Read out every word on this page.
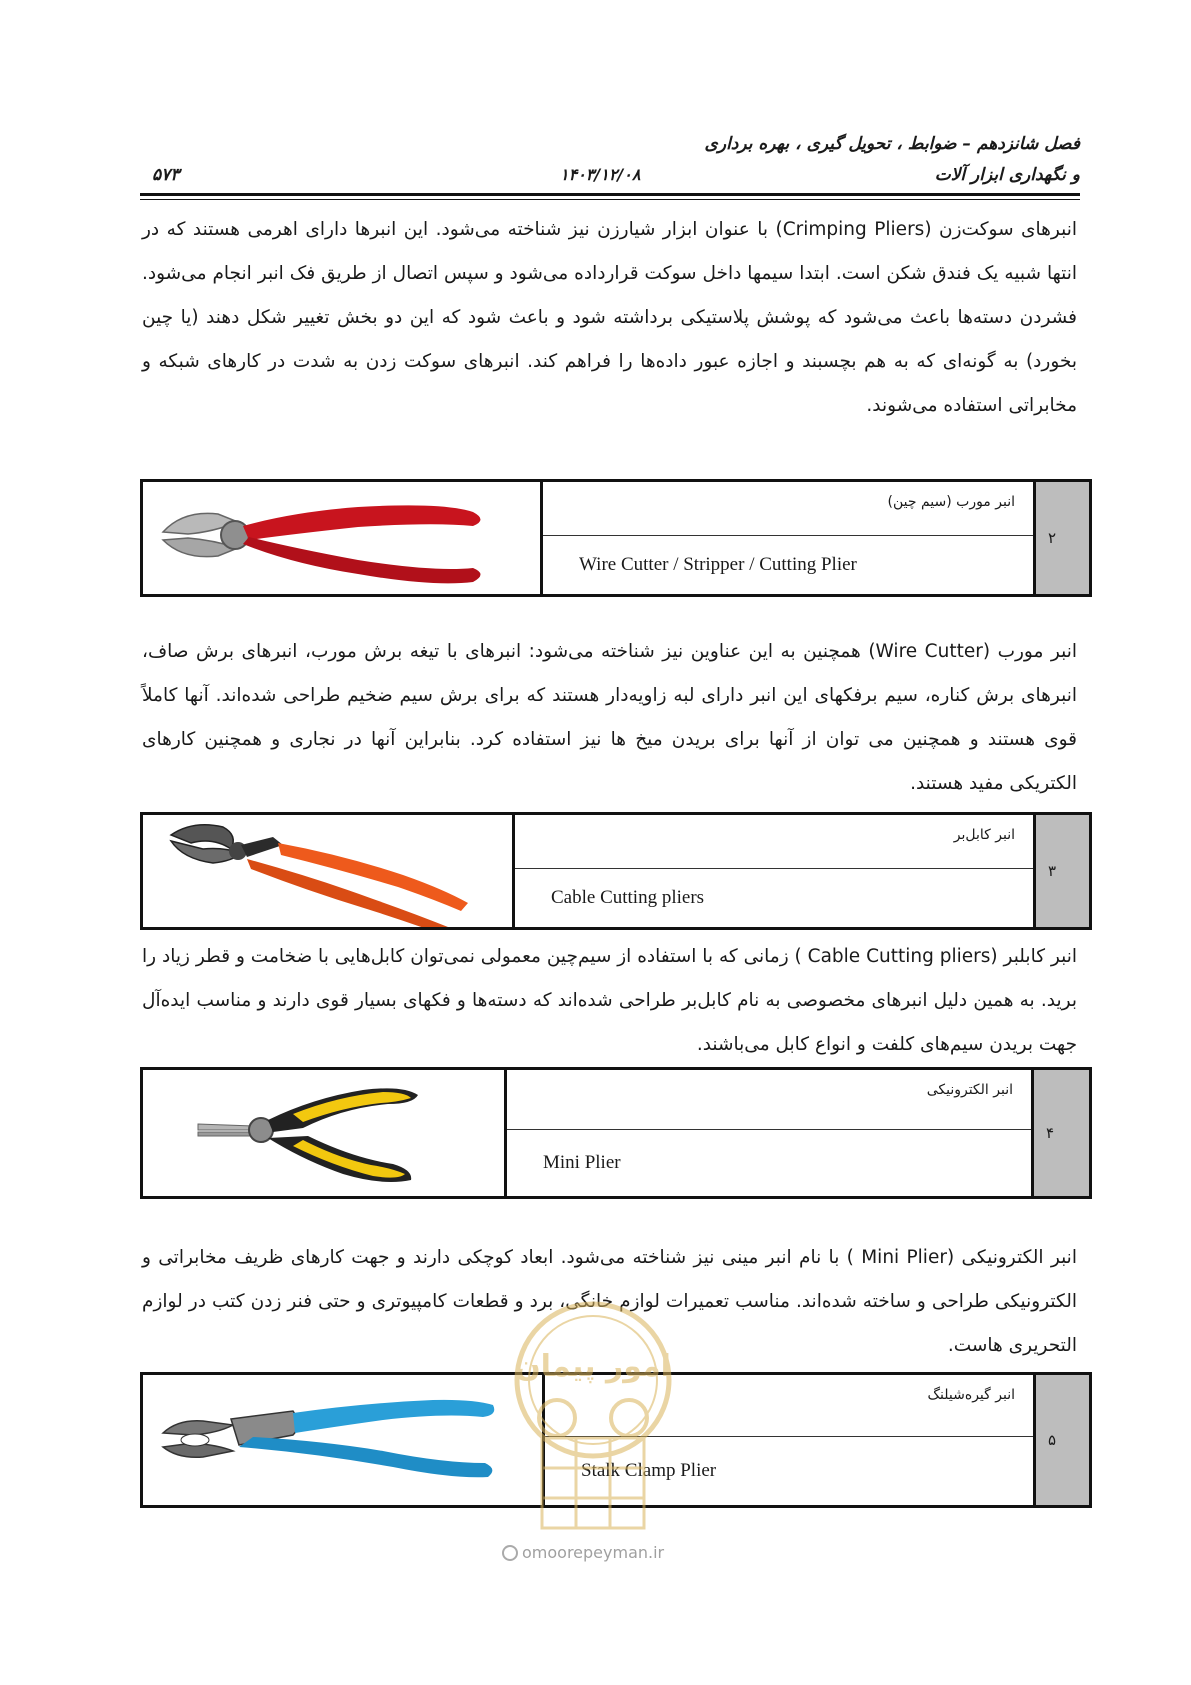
فصل شانزدهم – ضوابط ، تحویل گیری ، بهره برداری
و نگهداری ابزار آلات
۱۴۰۳/۱۲/۰۸
۵۷۳

انبرهای سوکت‌زن (Crimping Pliers) با عنوان ابزار شیارزن نیز شناخته می‌شود. این انبرها دارای اهرمی هستند که در انتها شبیه یک فندق شکن است. ابتدا سیمها داخل سوکت قرارداده می‌شود و سپس اتصال از طریق فک انبر انجام می‌شود. فشردن دسته‌ها باعث می‌شود که پوشش پلاستیکی برداشته شود و باعث شود که این دو بخش تغییر شکل دهند (یا چین بخورد) به گونه‌ای که به هم بچسبند و اجازه عبور داده‌ها را فراهم کند. انبرهای سوکت زدن به شدت در کارهای شبکه و مخابراتی استفاده می‌شوند.

انبر مورب (سیم چین)
Wire Cutter / Stripper / Cutting Plier
۲

انبر مورب (Wire Cutter) همچنین به این عناوین نیز شناخته می‌شود: انبرهای با تیغه برش مورب، انبرهای برش صاف، انبرهای برش کناره، سیم برفکهای این انبر دارای لبه زاویه‌دار هستند که برای برش سیم ضخیم طراحی شده‌اند. آنها کاملاً قوی هستند و همچنین می توان از آنها برای بریدن میخ ها نیز استفاده کرد. بنابراین آنها در نجاری و همچنین کارهای الکتریکی مفید هستند.

انبر کابل‌بر
Cable Cutting pliers
۳

انبر کابلبر (Cable Cutting pliers ) زمانی که با استفاده از سیم‌چین معمولی نمی‌توان کابل‌هایی با ضخامت و قطر زیاد را برید. به همین دلیل انبرهای مخصوصی به نام کابل‌بر طراحی شده‌اند که دسته‌ها و فکهای بسیار قوی دارند و مناسب ایده‌آل جهت بریدن سیم‌های کلفت و انواع کابل می‌باشند.

انبر الکترونیکی
Mini Plier
۴

انبر الکترونیکی (Mini Plier ) با نام انبر مینی نیز شناخته می‌شود. ابعاد کوچکی دارند و جهت کارهای ظریف مخابراتی و الکترونیکی طراحی و ساخته شده‌اند. مناسب تعمیرات لوازم خانگی، برد و قطعات کامپیوتری و حتی فنر زدن کتب در لوازم التحریری هاست.

انبر گیره‌شیلنگ
Stalk Clamp Plier
۵
امور پیمان
omoorepeyman.ir
